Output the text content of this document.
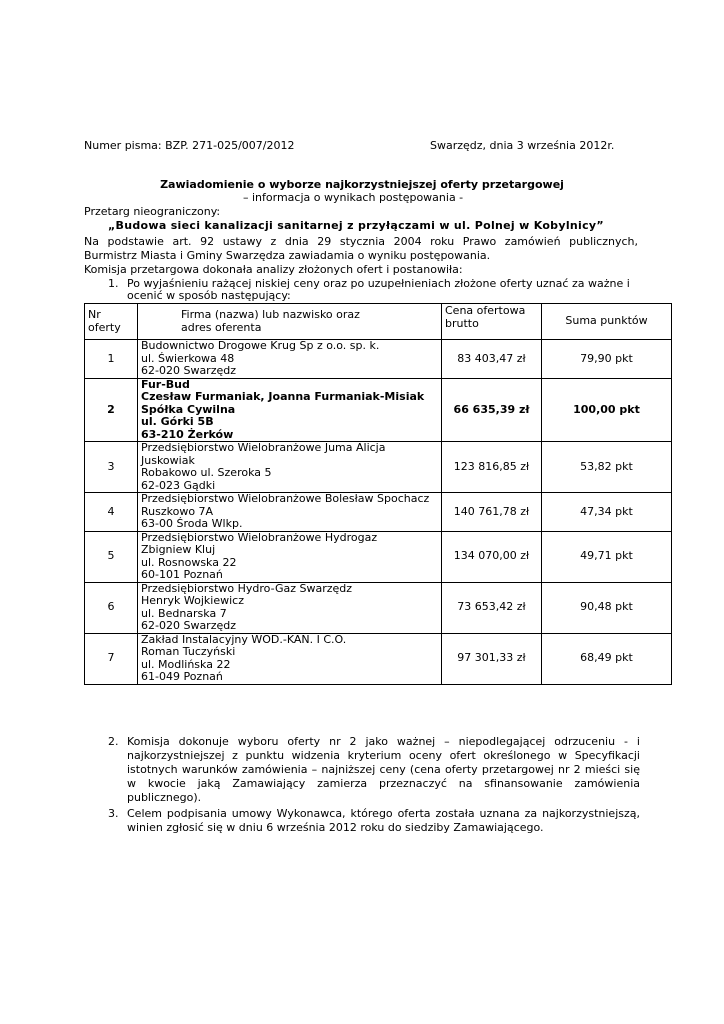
Numer pisma: BZP. 271-025/007/2012	Swarzędz, dnia 3 września 2012r.
Zawiadomienie o wyborze najkorzystniejszej oferty przetargowej
– informacja o wynikach postępowania -
Przetarg nieograniczony:
„Budowa sieci kanalizacji sanitarnej z przyłączami w ul. Polnej w Kobylnicy”
Na podstawie art. 92 ustawy z dnia 29 stycznia 2004 roku Prawo zamówień publicznych,
Burmistrz Miasta i Gminy Swarzędza zawiadamia o wyniku postępowania.
Komisja przetargowa dokonała analizy złożonych ofert i postanowiła:
1. Po wyjaśnieniu rażącej niskiej ceny oraz po uzupełnieniach złożone oferty uznać za ważne i
ocenić w sposób następujący:
Nr
oferty	Firma (nazwa) lub nazwisko oraz
adres oferenta	Cena ofertowa
brutto	Suma punktów
1	Budownictwo Drogowe Krug Sp z o.o. sp. k.
ul. Świerkowa 48
62-020 Swarzędz	83 403,47 zł	79,90 pkt
2	Fur-Bud
Czesław Furmaniak, Joanna Furmaniak-Misiak
Spółka Cywilna
ul. Górki 5B
63-210 Żerków	66 635,39 zł	100,00 pkt
3	Przedsiębiorstwo Wielobranżowe Juma Alicja
Juskowiak
Robakowo ul. Szeroka 5
62-023 Gądki	123 816,85 zł	53,82 pkt
4	Przedsiębiorstwo Wielobranżowe Bolesław Spochacz
Ruszkowo 7A
63-00 Środa Wlkp.	140 761,78 zł	47,34 pkt
5	Przedsiębiorstwo Wielobranżowe Hydrogaz
Zbigniew Kluj
ul. Rosnowska 22
60-101 Poznań	134 070,00 zł	49,71 pkt
6	Przedsiębiorstwo Hydro-Gaz Swarzędz
Henryk Wojkiewicz
ul. Bednarska 7
62-020 Swarzędz	73 653,42 zł	90,48 pkt
7	Zakład Instalacyjny WOD.-KAN. I C.O.
Roman Tuczyński
ul. Modlińska 22
61-049 Poznań	97 301,33 zł	68,49 pkt
2. Komisja dokonuje wyboru oferty nr 2 jako ważnej – niepodlegającej odrzuceniu - i najkorzystniejszej z punktu widzenia kryterium oceny ofert określonego w Specyfikacji istotnych warunków zamówienia – najniższej ceny (cena oferty przetargowej nr 2 mieści się w kwocie jaką Zamawiający zamierza przeznaczyć na sfinansowanie zamówienia publicznego).
3. Celem podpisania umowy Wykonawca, którego oferta została uznana za najkorzystniejszą, winien zgłosić się w dniu 6 września 2012 roku do siedziby Zamawiającego.
